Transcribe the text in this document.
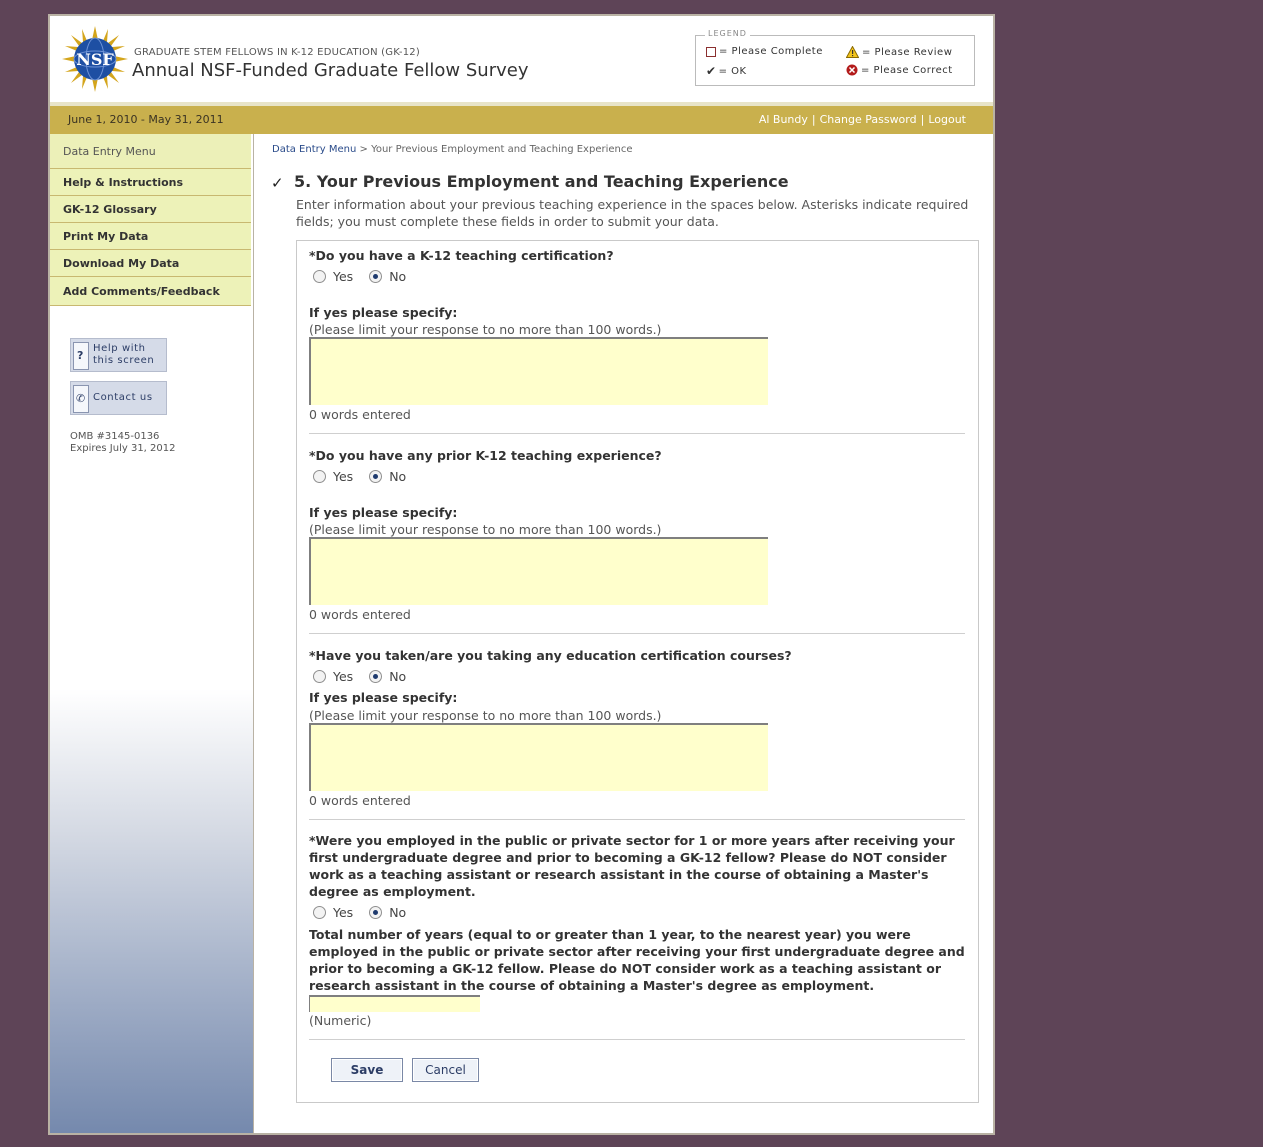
NSF GRADUATE STEM FELLOWS IN K-12 EDUCATION (GK-12)
Annual NSF-Funded Graduate Fellow Survey
LEGEND
= Please Complete	= Please Review
✔ = OK	= Please Correct
June 1, 2010 - May 31, 2011	Al Bundy | Change Password | Logout
Data Entry Menu
Help & Instructions
GK-12 Glossary
Print My Data
Download My Data
Add Comments/Feedback
?
Help with
this screen
✆ Contact us
OMB #3145-0136
Expires July 31, 2012
Data Entry Menu > Your Previous Employment and Teaching Experience
✓ 5. Your Previous Employment and Teaching Experience
Enter information about your previous teaching experience in the spaces below. Asterisks indicate required fields; you must complete these fields in order to submit your data.
*Do you have a K-12 teaching certification?
Yes	No
If yes please specify:
(Please limit your response to no more than 100 words.)
0 words entered
*Do you have any prior K-12 teaching experience?
Yes	No
If yes please specify:
(Please limit your response to no more than 100 words.)
0 words entered
*Have you taken/are you taking any education certification courses?
Yes	No
If yes please specify:
(Please limit your response to no more than 100 words.)
0 words entered
*Were you employed in the public or private sector for 1 or more years after receiving your first undergraduate degree and prior to becoming a GK-12 fellow? Please do NOT consider work as a teaching assistant or research assistant in the course of obtaining a Master's degree as employment.
Yes	No
Total number of years (equal to or greater than 1 year, to the nearest year) you were employed in the public or private sector after receiving your first undergraduate degree and prior to becoming a GK-12 fellow. Please do NOT consider work as a teaching assistant or research assistant in the course of obtaining a Master's degree as employment.
(Numeric)
Save	Cancel
